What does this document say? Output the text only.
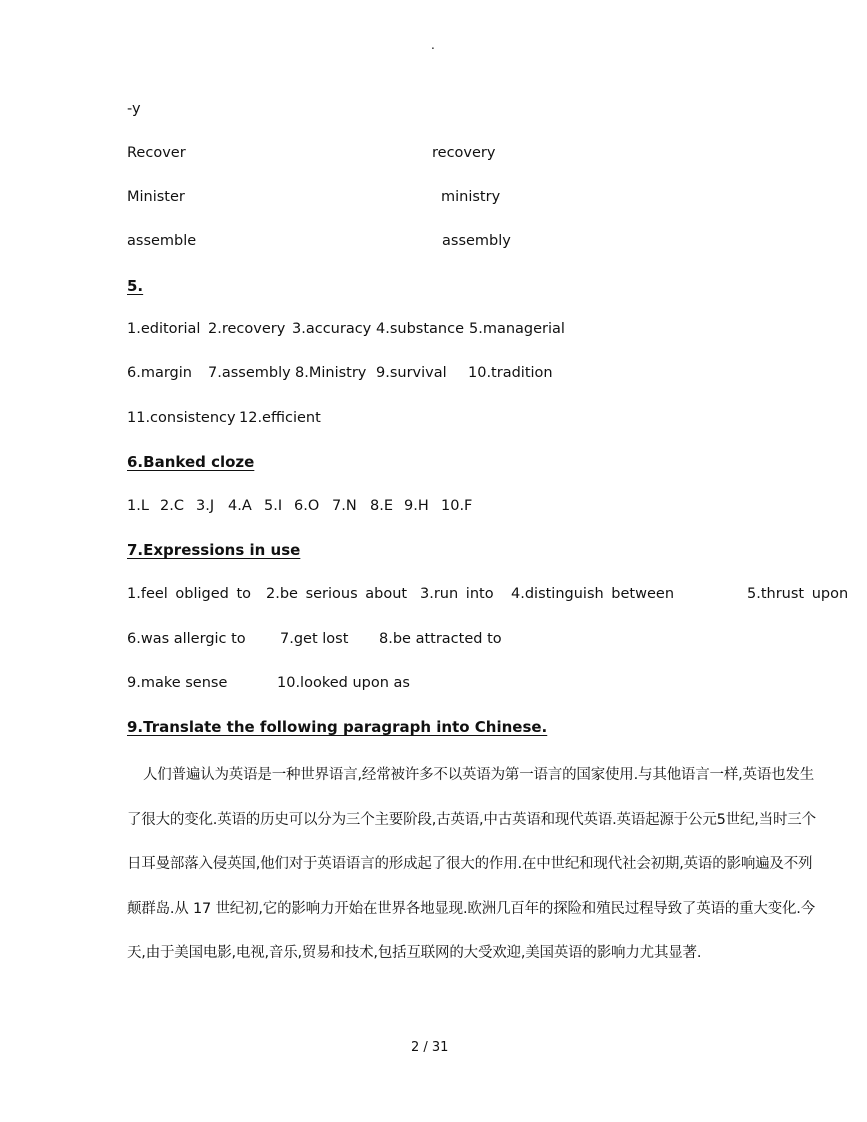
.
-y
Recover	recovery
Minister	ministry
assemble	assembly
5.
1.editorial 2.recovery 3.accuracy 4.substance 5.managerial
6.margin 7.assembly 8.Ministry 9.survival 10.tradition
11.consistency 12.efficient
6.Banked cloze
1.L 2.C 3.J 4.A 5.I 6.O 7.N 8.E 9.H 10.F
7.Expressions in use
1.feel obliged to 2.be serious about 3.run into 4.distinguish between	5.thrust upon
6.was allergic to 7.get lost 8.be attracted to
9.make sense	10.looked upon as
9.Translate the following paragraph into Chinese.
人们普遍认为英语是一种世界语言,经常被许多不以英语为第一语言的国家使用.与其他语言一样,英语也发生
了很大的变化.英语的历史可以分为三个主要阶段,古英语,中古英语和现代英语.英语起源于公元5世纪,当时三个
日耳曼部落入侵英国,他们对于英语语言的形成起了很大的作用.在中世纪和现代社会初期,英语的影响遍及不列
颠群岛.从 17 世纪初,它的影响力开始在世界各地显现.欧洲几百年的探险和殖民过程导致了英语的重大变化.今
天,由于美国电影,电视,音乐,贸易和技术,包括互联网的大受欢迎,美国英语的影响力尤其显著.
2 / 31
